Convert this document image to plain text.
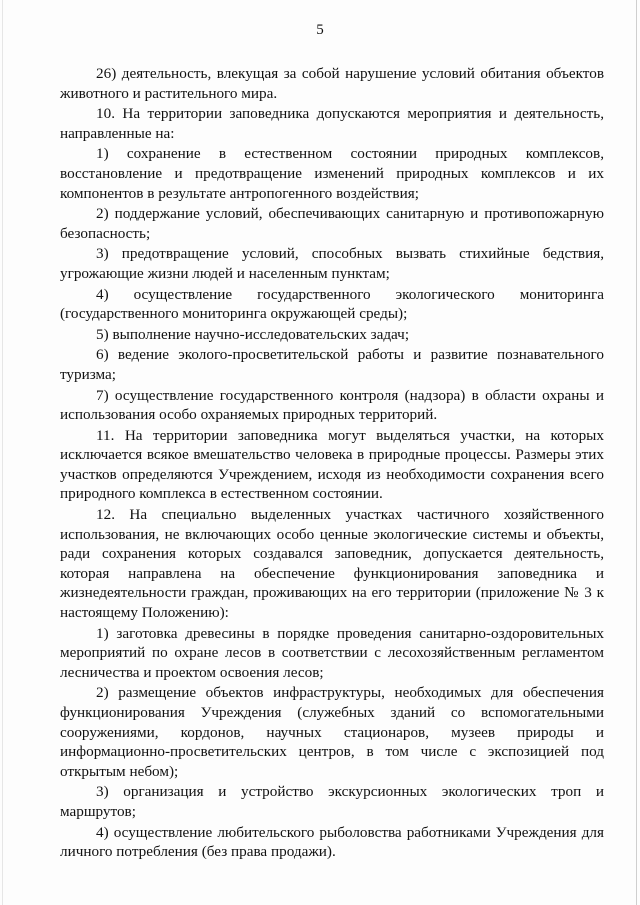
5

26) деятельность, влекущая за собой нарушение условий обитания объектов животного и растительного мира.

10. На территории заповедника допускаются мероприятия и деятельность, направленные на:

1) сохранение в естественном состоянии природных комплексов, восстановление и предотвращение изменений природных комплексов и их компонентов в результате антропогенного воздействия;

2) поддержание условий, обеспечивающих санитарную и противопожарную безопасность;

3) предотвращение условий, способных вызвать стихийные бедствия, угрожающие жизни людей и населенным пунктам;

4) осуществление государственного экологического мониторинга (государственного мониторинга окружающей среды);

5) выполнение научно-исследовательских задач;

6) ведение эколого-просветительской работы и развитие познавательного туризма;

7) осуществление государственного контроля (надзора) в области охраны и использования особо охраняемых природных территорий.

11. На территории заповедника могут выделяться участки, на которых исключается всякое вмешательство человека в природные процессы. Размеры этих участков определяются Учреждением, исходя из необходимости сохранения всего природного комплекса в естественном состоянии.

12. На специально выделенных участках частичного хозяйственного использования, не включающих особо ценные экологические системы и объекты, ради сохранения которых создавался заповедник, допускается деятельность, которая направлена на обеспечение функционирования заповедника и жизнедеятельности граждан, проживающих на его территории (приложение № 3 к настоящему Положению):

1) заготовка древесины в порядке проведения санитарно-оздоровительных мероприятий по охране лесов в соответствии с лесохозяйственным регламентом лесничества и проектом освоения лесов;

2) размещение объектов инфраструктуры, необходимых для обеспечения функционирования Учреждения (служебных зданий со вспомогательными сооружениями, кордонов, научных стационаров, музеев природы и информационно-просветительских центров, в том числе с экспозицией под открытым небом);

3) организация и устройство экскурсионных экологических троп и маршрутов;

4) осуществление любительского рыболовства работниками Учреждения для личного потребления (без права продажи).
